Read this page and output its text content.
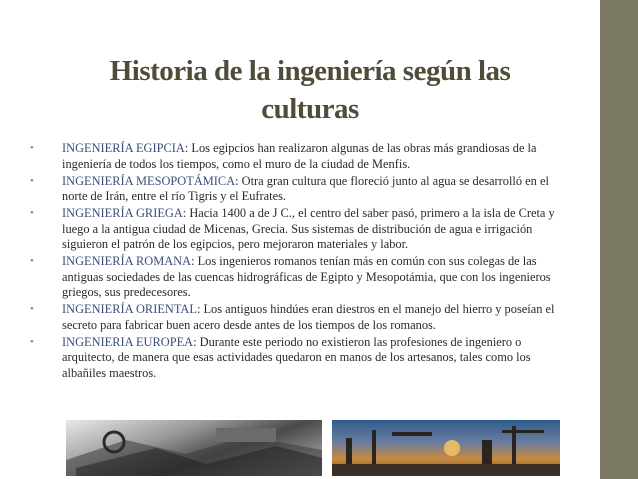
Historia de la ingeniería según las culturas
• INGENIERÍA EGIPCIA: Los egipcios han realizaron algunas de las obras más grandiosas de la ingeniería de todos los tiempos, como el muro de la ciudad de Menfis.
• INGENIERÍA MESOPOTÁMICA: Otra gran cultura que floreció junto al agua se desarrolló en el norte de Irán, entre el río Tigris y el Eufrates.
• INGENIERÍA GRIEGA: Hacia 1400 a de J C., el centro del saber pasó, primero a la isla de Creta y luego a la antigua ciudad de Micenas, Grecia. Sus sistemas de distribución de agua e irrigación siguieron el patrón de los egipcios, pero mejoraron materiales y labor.
• INGENIERÍA ROMANA: Los ingenieros romanos tenían más en común con sus colegas de las antiguas sociedades de las cuencas hidrográficas de Egipto y Mesopotámia, que con los ingenieros griegos, sus predecesores.
• INGENIERÍA ORIENTAL: Los antiguos hindúes eran diestros en el manejo del hierro y poseían el secreto para fabricar buen acero desde antes de los tiempos de los romanos.
• INGENIERIA EUROPEA: Durante este periodo no existieron las profesiones de ingeniero o arquitecto, de manera que esas actividades quedaron en manos de los artesanos, tales como los albañiles maestros.
